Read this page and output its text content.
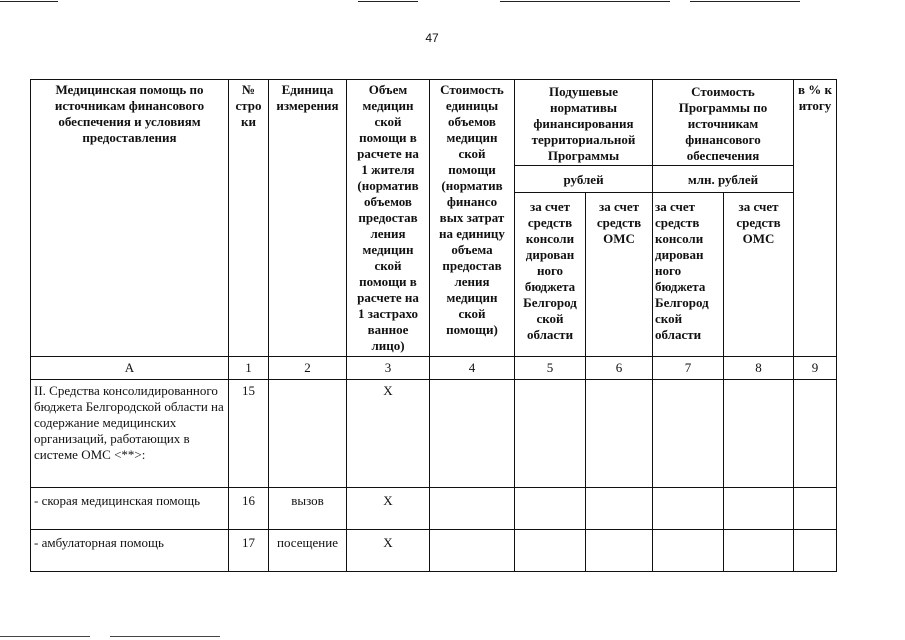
47
Медицинская помощь по источникам финансового обеспечения и условиям предоставления	№ стро ки	Единица измерения	Объем медицин ской помощи в расчете на 1 жителя (норматив объемов предостав ления медицин ской помощи в расчете на 1 застрахо ванное лицо)	Стоимость единицы объемов медицин ской помощи (норматив финансо вых затрат на единицу объема предостав ления медицин ской помощи)	Подушевые нормативы финансирования территориальной Программы		Стоимость Программы по источникам финансового обеспечения		в % к итогу
					рублей		млн. рублей		
					за счет средств консоли дирован ного бюджета Белгород ской области	за счет средств ОМС	за счет средств консоли дирован ного бюджета Белгород ской области	за счет средств ОМС	
А	1	2	3	4	5	6	7	8	9
II. Средства консолидированного бюджета Белгородской области на содержание медицинских организаций, работающих в системе ОМС <**>:	15		X						
- скорая медицинская помощь	16	вызов	X						
- амбулаторная помощь	17	посещение	X						
